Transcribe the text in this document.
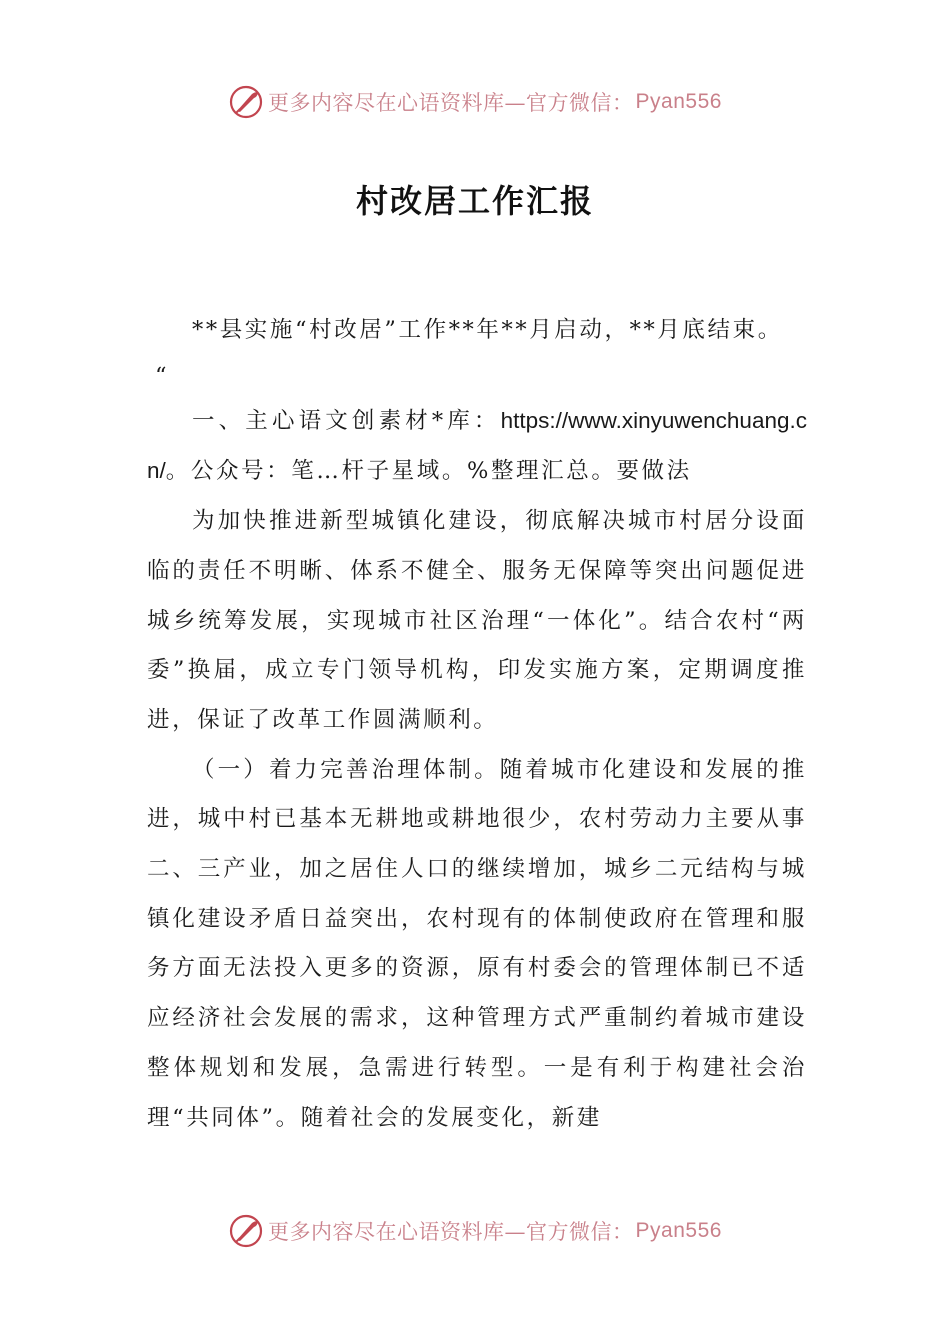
更多内容尽在心语资料库—官方微信： Pyan556
村改居工作汇报

**县实施“村改居”工作**年**月启动，**月底结束。

“

一、主心语文创素材*库：https://www.xinyuwenchuang.cn/。公众号：笔…杆子星域。%整理汇总。要做法

为加快推进新型城镇化建设，彻底解决城市村居分设面临的责任不明晰、体系不健全、服务无保障等突出问题促进城乡统筹发展，实现城市社区治理“一体化”。结合农村“两委”换届，成立专门领导机构，印发实施方案，定期调度推进，保证了改革工作圆满顺利。

（一）着力完善治理体制。随着城市化建设和发展的推进，城中村已基本无耕地或耕地很少，农村劳动力主要从事二、三产业，加之居住人口的继续增加，城乡二元结构与城镇化建设矛盾日益突出，农村现有的体制使政府在管理和服务方面无法投入更多的资源，原有村委会的管理体制已不适应经济社会发展的需求，这种管理方式严重制约着城市建设整体规划和发展，急需进行转型。一是有利于构建社会治理“共同体”。随着社会的发展变化，新建

更多内容尽在心语资料库—官方微信： Pyan556
